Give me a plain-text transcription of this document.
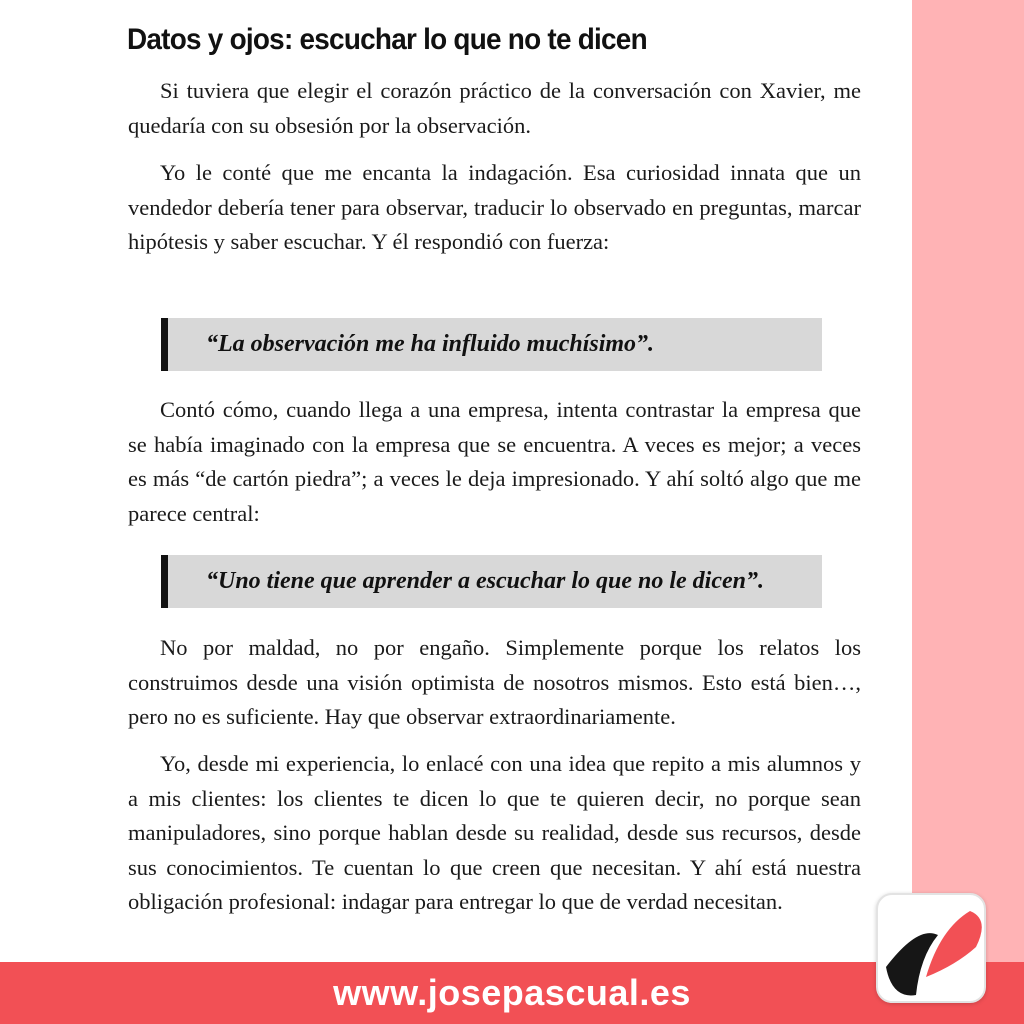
Datos y ojos: escuchar lo que no te dicen

Si tuviera que elegir el corazón práctico de la conversación con Xavier, me quedaría con su obsesión por la observación.

Yo le conté que me encanta la indagación. Esa curiosidad innata que un vendedor debería tener para observar, traducir lo observado en preguntas, marcar hipótesis y saber escuchar. Y él respondió con fuerza:

“La observación me ha influido muchísimo”.

Contó cómo, cuando llega a una empresa, intenta contrastar la empresa que se había imaginado con la empresa que se encuentra. A veces es mejor; a veces es más “de cartón piedra”; a veces le deja impresionado. Y ahí soltó algo que me parece central:

“Uno tiene que aprender a escuchar lo que no le dicen”.

No por maldad, no por engaño. Simplemente porque los relatos los construimos desde una visión optimista de nosotros mismos. Esto está bien…, pero no es suficiente. Hay que observar extraordinariamente.

Yo, desde mi experiencia, lo enlacé con una idea que repito a mis alumnos y a mis clientes: los clientes te dicen lo que te quieren decir, no porque sean manipuladores, sino porque hablan desde su realidad, desde sus recursos, desde sus conocimientos. Te cuentan lo que creen que necesitan. Y ahí está nuestra obligación profesional: indagar para entregar lo que de verdad necesitan.

www.josepascual.es
